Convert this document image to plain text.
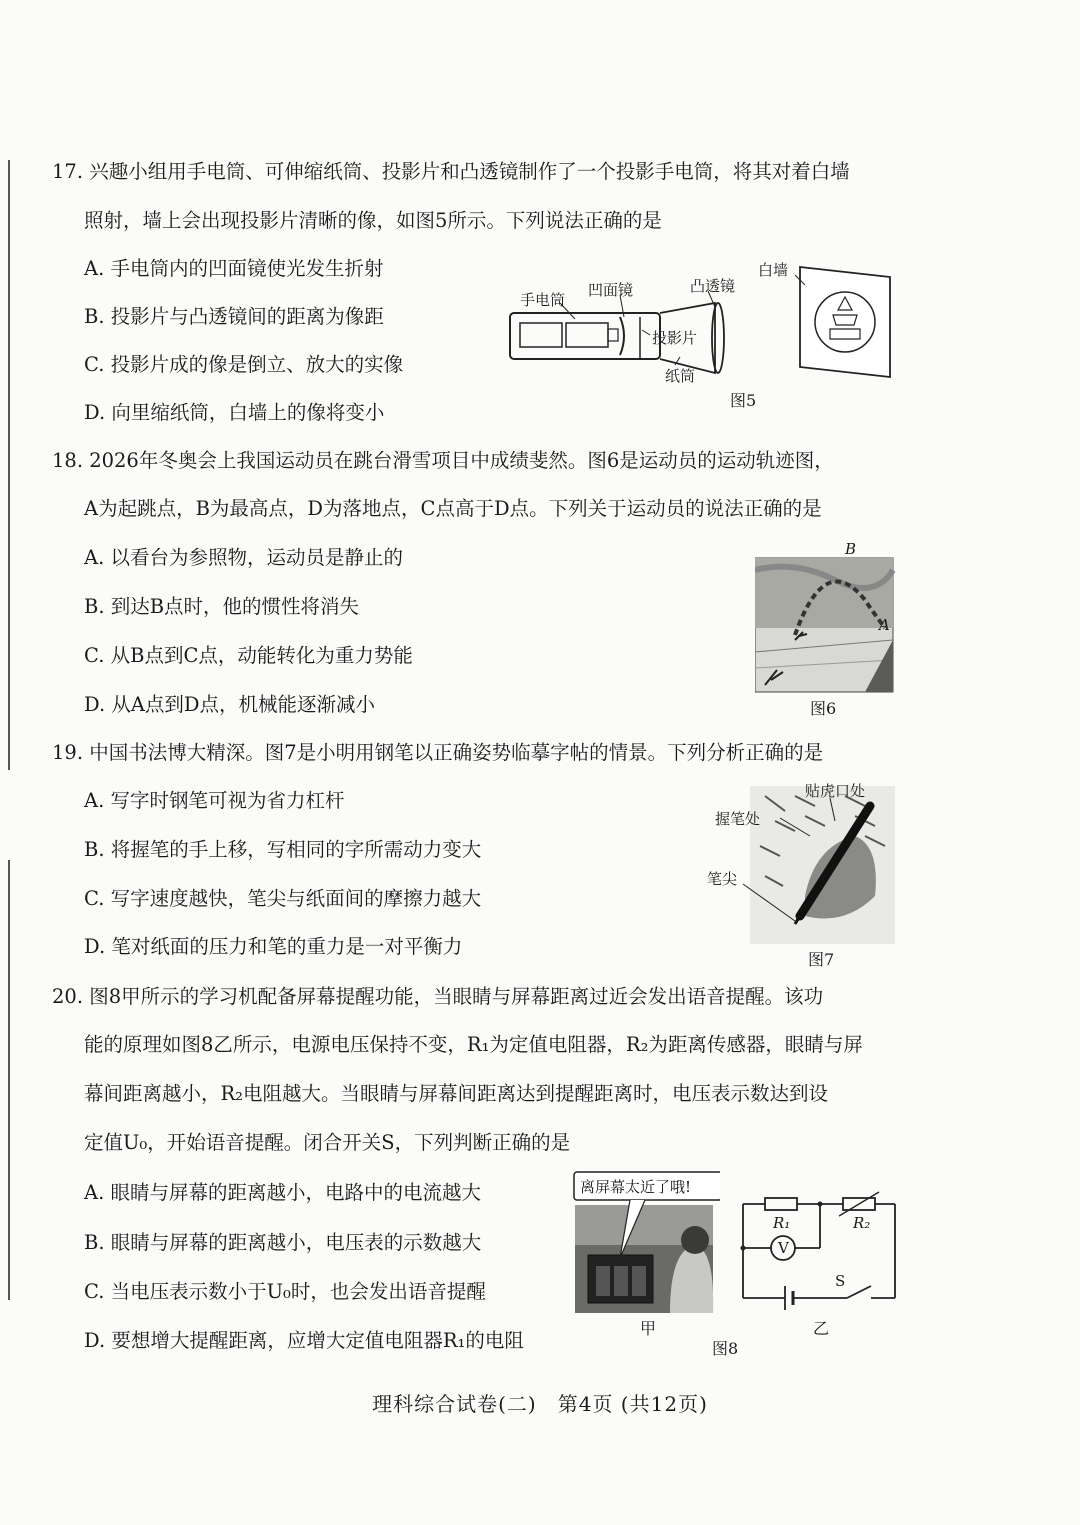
17. 兴趣小组用手电筒、可伸缩纸筒、投影片和凸透镜制作了一个投影手电筒，将其对着白墙
照射，墙上会出现投影片清晰的像，如图5所示。下列说法正确的是
A. 手电筒内的凹面镜使光发生折射
B. 投影片与凸透镜间的距离为像距
C. 投影片成的像是倒立、放大的实像
D. 向里缩纸筒，白墙上的像将变小
手电筒
凹面镜	凸透镜
白墙
投影片
纸筒
图5
18. 2026年冬奥会上我国运动员在跳台滑雪项目中成绩斐然。图6是运动员的运动轨迹图，
A为起跳点，B为最高点，D为落地点，C点高于D点。下列关于运动员的说法正确的是
A. 以看台为参照物，运动员是静止的
B. 到达B点时，他的惯性将消失
C. 从B点到C点，动能转化为重力势能
D. 从A点到D点，机械能逐渐减小
B
A
图6
19. 中国书法博大精深。图7是小明用钢笔以正确姿势临摹字帖的情景。下列分析正确的是
A. 写字时钢笔可视为省力杠杆
B. 将握笔的手上移，写相同的字所需动力变大
C. 写字速度越快，笔尖与纸面间的摩擦力越大
D. 笔对纸面的压力和笔的重力是一对平衡力
贴虎口处
握笔处
笔尖
图7
20. 图8甲所示的学习机配备屏幕提醒功能，当眼睛与屏幕距离过近会发出语音提醒。该功
能的原理如图8乙所示，电源电压保持不变，R₁为定值电阻器，R₂为距离传感器，眼睛与屏
幕间距离越小，R₂电阻越大。当眼睛与屏幕间距离达到提醒距离时，电压表示数达到设
定值U₀，开始语音提醒。闭合开关S，下列判断正确的是
A. 眼睛与屏幕的距离越小，电路中的电流越大
B. 眼睛与屏幕的距离越小，电压表的示数越大
C. 当电压表示数小于U₀时，也会发出语音提醒
D. 要想增大提醒距离，应增大定值电阻器R₁的电阻
离屏幕太近了哦!
甲
R₁	R₂
V
S
乙
图8
理科综合试卷(二)　第4页 (共12页)
